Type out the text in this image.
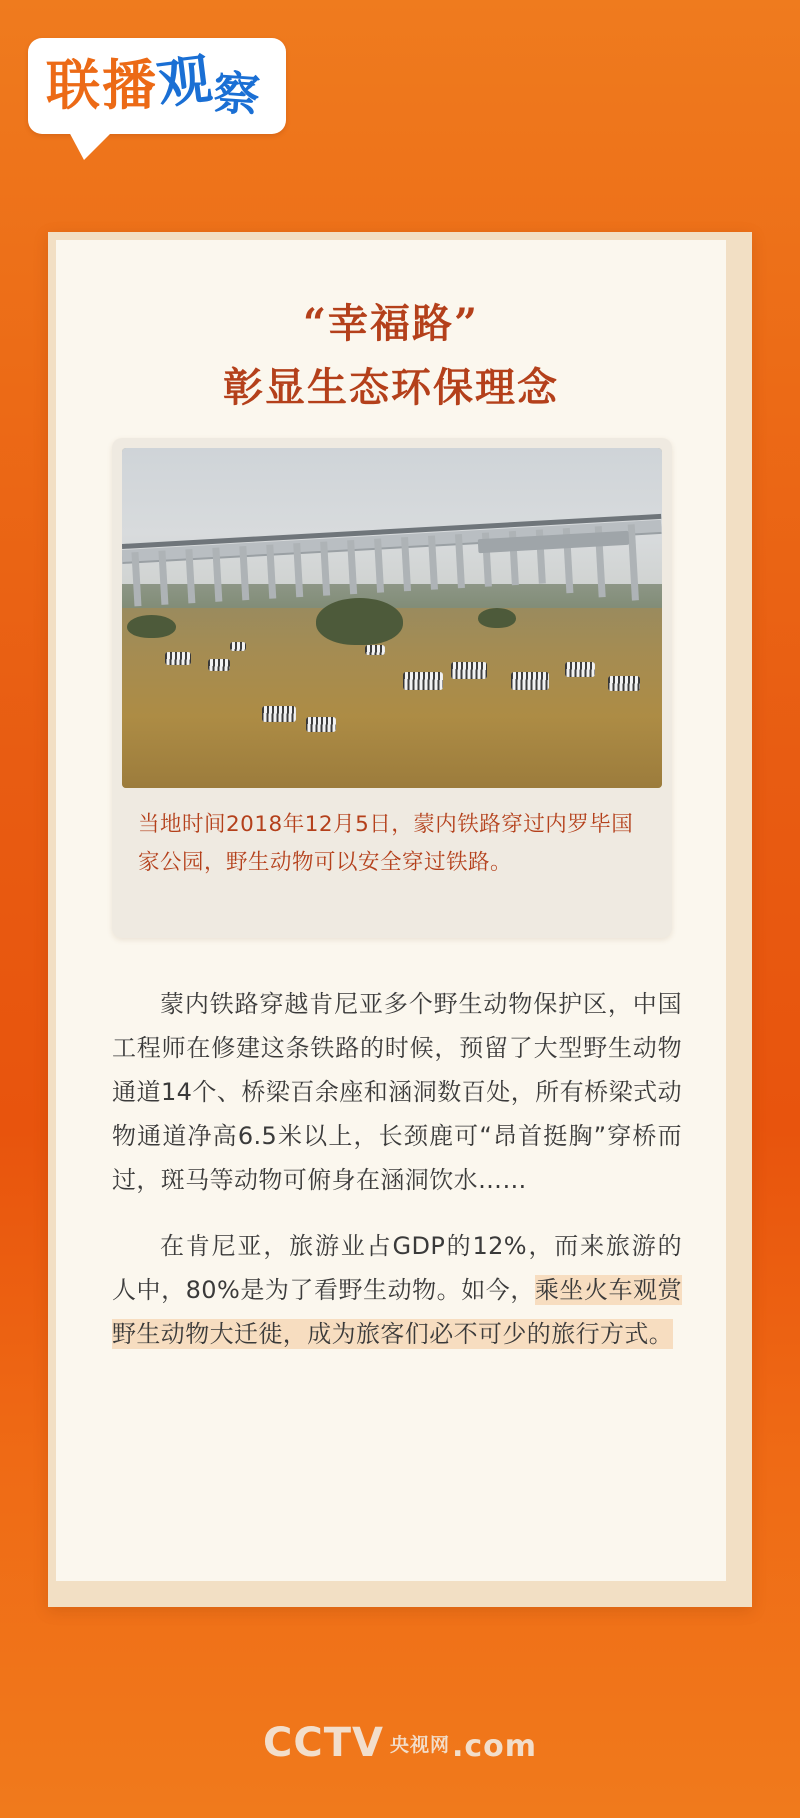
联播观察
“幸福路”
彰显生态环保理念
当地时间2018年12月5日，蒙内铁路穿过内罗毕国家公园，野生动物可以安全穿过铁路。

蒙内铁路穿越肯尼亚多个野生动物保护区，中国工程师在修建这条铁路的时候，预留了大型野生动物通道14个、桥梁百余座和涵洞数百处，所有桥梁式动物通道净高6.5米以上，长颈鹿可“昂首挺胸”穿桥而过，斑马等动物可俯身在涵洞饮水……

在肯尼亚，旅游业占GDP的12%，而来旅游的人中，80%是为了看野生动物。如今，乘坐火车观赏野生动物大迁徙，成为旅客们必不可少的旅行方式。

CCTV 央视网.com
